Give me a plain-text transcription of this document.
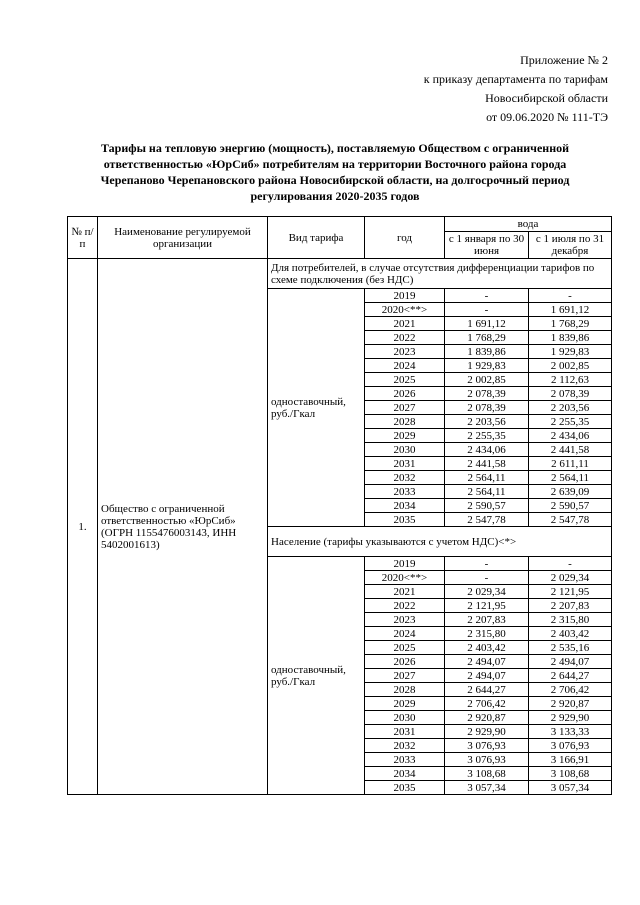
Приложение № 2
к приказу департамента по тарифам
Новосибирской области
от 09.06.2020 № 111-ТЭ
Тарифы на тепловую энергию (мощность), поставляемую Обществом с ограниченной
ответственностью «ЮрСиб» потребителям на территории Восточного района города
Черепаново Черепановского района Новосибирской области, на долгосрочный период
регулирования 2020-2035 годов
№ п/п	Наименование регулируемой организации	Вид тарифа	год	вода	
				с 1 января по 30 июня	с 1 июля по 31 декабря
1.	Общество с ограниченной ответственностью «ЮрСиб» (ОГРН 1155476003143, ИНН 5402001613)	Для потребителей, в случае отсутствия дифференциации тарифов по схеме подключения (без НДС)			
		одноставочный, руб./Гкал	2019	-	-
			2020<**>	-	1 691,12
			2021	1 691,12	1 768,29
			2022	1 768,29	1 839,86
			2023	1 839,86	1 929,83
			2024	1 929,83	2 002,85
			2025	2 002,85	2 112,63
			2026	2 078,39	2 078,39
			2027	2 078,39	2 203,56
			2028	2 203,56	2 255,35
			2029	2 255,35	2 434,06
			2030	2 434,06	2 441,58
			2031	2 441,58	2 611,11
			2032	2 564,11	2 564,11
			2033	2 564,11	2 639,09
			2034	2 590,57	2 590,57
			2035	2 547,78	2 547,78
		Население (тарифы указываются с учетом НДС)<*>			
		одноставочный, руб./Гкал	2019	-	-
			2020<**>	-	2 029,34
			2021	2 029,34	2 121,95
			2022	2 121,95	2 207,83
			2023	2 207,83	2 315,80
			2024	2 315,80	2 403,42
			2025	2 403,42	2 535,16
			2026	2 494,07	2 494,07
			2027	2 494,07	2 644,27
			2028	2 644,27	2 706,42
			2029	2 706,42	2 920,87
			2030	2 920,87	2 929,90
			2031	2 929,90	3 133,33
			2032	3 076,93	3 076,93
			2033	3 076,93	3 166,91
			2034	3 108,68	3 108,68
			2035	3 057,34	3 057,34
